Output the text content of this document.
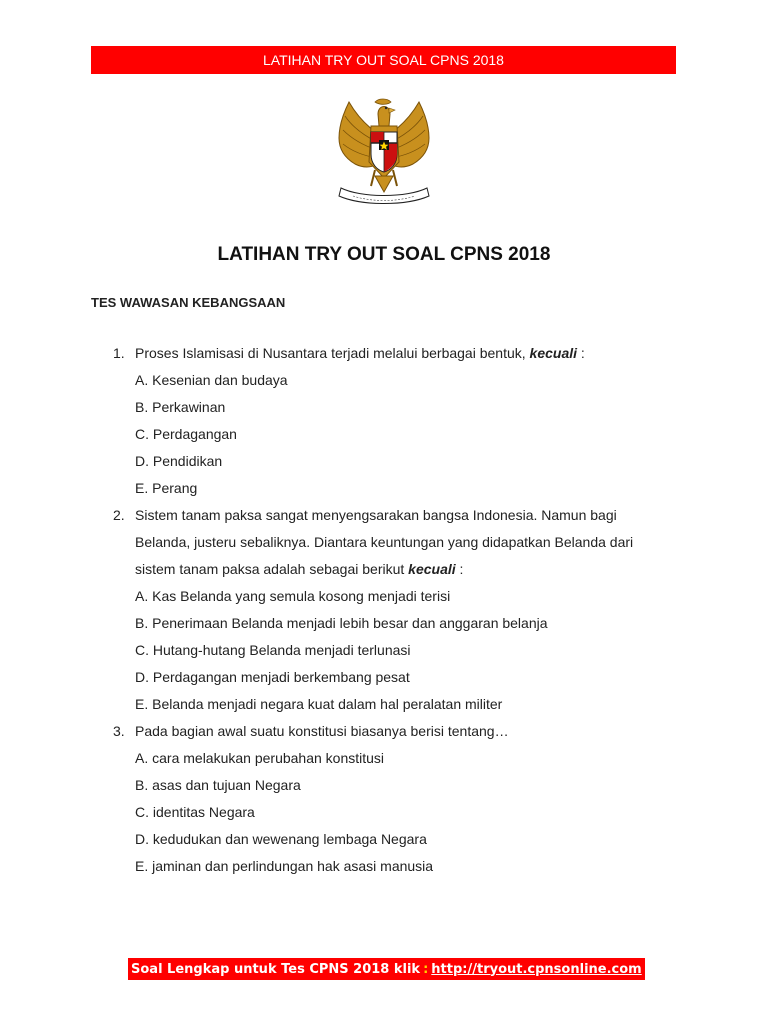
LATIHAN TRY OUT SOAL CPNS 2018
LATIHAN TRY OUT SOAL CPNS 2018
TES WAWASAN KEBANGSAAN
1. Proses Islamisasi di Nusantara terjadi melalui berbagai bentuk, kecuali :
A. Kesenian dan budaya
B. Perkawinan
C. Perdagangan
D. Pendidikan
E. Perang
2. Sistem tanam paksa sangat menyengsarakan bangsa Indonesia. Namun bagi Belanda, justeru sebaliknya. Diantara keuntungan yang didapatkan Belanda dari sistem tanam paksa adalah sebagai berikut kecuali :
A. Kas Belanda yang semula kosong menjadi terisi
B. Penerimaan Belanda menjadi lebih besar dan anggaran belanja
C. Hutang-hutang Belanda menjadi terlunasi
D. Perdagangan menjadi berkembang pesat
E. Belanda menjadi negara kuat dalam hal peralatan militer
3. Pada bagian awal suatu konstitusi biasanya berisi tentang…
A. cara melakukan perubahan konstitusi
B. asas dan tujuan Negara
C. identitas Negara
D. kedudukan dan wewenang lembaga Negara
E. jaminan dan perlindungan hak asasi manusia
Soal Lengkap untuk Tes CPNS 2018 klik : http://tryout.cpnsonline.com
